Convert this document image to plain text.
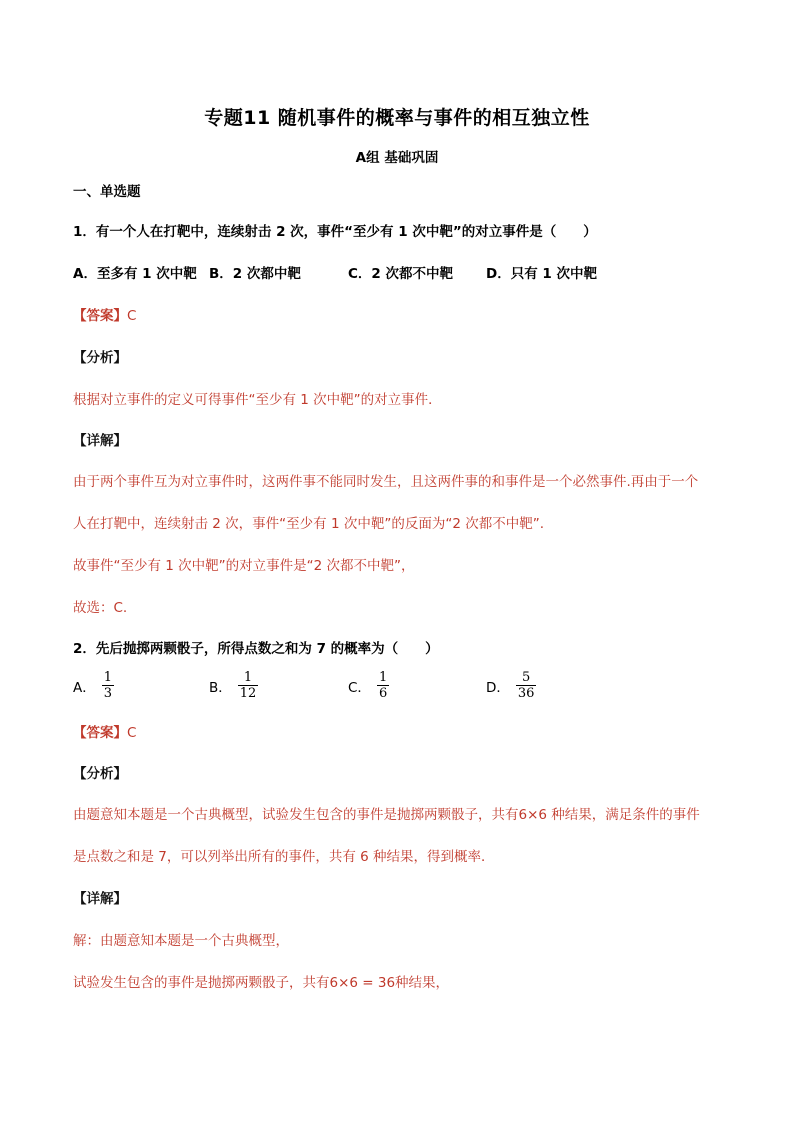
专题11 随机事件的概率与事件的相互独立性
A组 基础巩固
一、单选题
1．有一个人在打靶中，连续射击 2 次，事件“至少有 1 次中靶”的对立事件是（　　）
A．至多有 1 次中靶 B．2 次都中靶	C．2 次都不中靶 D．只有 1 次中靶
【答案】C
【分析】
根据对立事件的定义可得事件“至少有 1 次中靶”的对立事件．
【详解】
由于两个事件互为对立事件时，这两件事不能同时发生，且这两件事的和事件是一个必然事件.再由于一个
人在打靶中，连续射击 2 次，事件“至少有 1 次中靶”的反面为“2 次都不中靶”.
故事件“至少有 1 次中靶”的对立事件是“2 次都不中靶”，
故选：C.
2．先后抛掷两颗骰子，所得点数之和为 7 的概率为（　　）
A． $\frac{1}{3}$	B． $\frac{1}{12}$	C． $\frac{1}{6}$	D． $\frac{5}{36}$
【答案】C
【分析】
由题意知本题是一个古典概型，试验发生包含的事件是抛掷两颗骰子，共有6×6 种结果，满足条件的事件
是点数之和是 7，可以列举出所有的事件，共有 6 种结果，得到概率．
【详解】
解：由题意知本题是一个古典概型，
试验发生包含的事件是抛掷两颗骰子，共有6×6 = 36种结果，
